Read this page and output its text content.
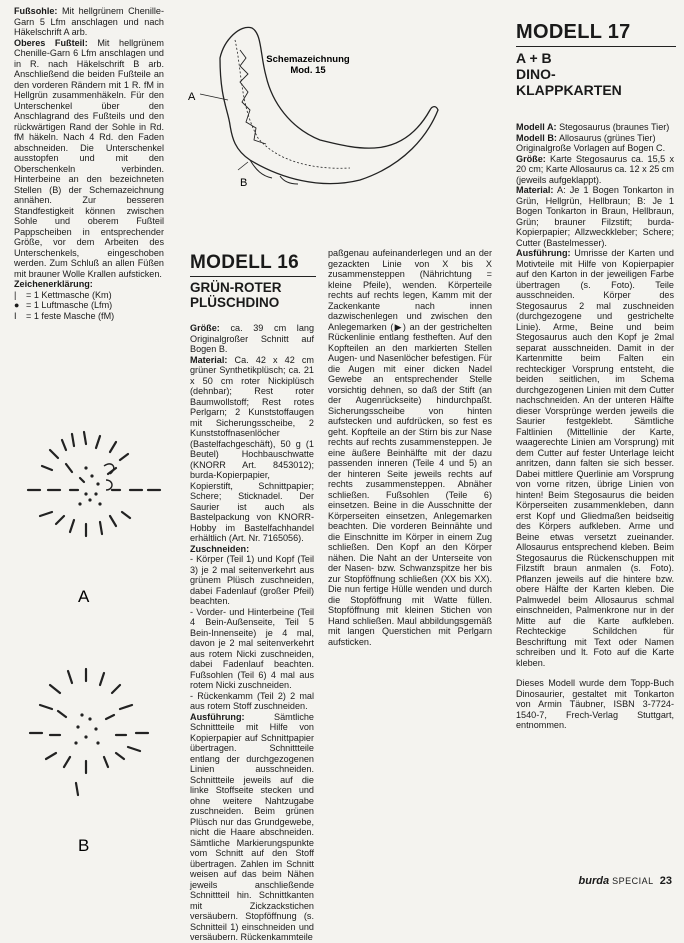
Fußsohle: Mit hellgrünem Chenille-Garn 5 Lfm anschlagen und nach Häkelschrift A arb.

Oberes Fußteil: Mit hellgrünem Chenille-Garn 6 Lfm anschlagen und in R. nach Häkelschrift B arb. Anschließend die beiden Fußteile an den vorderen Rändern mit 1 R. fM in Hellgrün zusammenhäkeln. Für den Unterschenkel über den Anschlagrand des Fußteils und den rückwärtigen Rand der Sohle in Rd. fM häkeln. Nach 4 Rd. den Faden abschneiden. Die Unterschenkel ausstopfen und mit den Oberschenkeln verbinden. Hinterbeine an den bezeichneten Stellen (B) der Schemazeichnung annähen. Zur besseren Standfestigkeit können zwischen Sohle und oberem Fußteil Pappscheiben in entsprechender Größe, vor dem Arbeiten des Unterschenkels, eingeschoben werden. Zum Schluß an allen Füßen mit brauner Wolle Krallen aufsticken.

Zeichenerklärung:

| = 1 Kettmasche (Km)
● = 1 Luftmasche (Lfm)
I = 1 feste Masche (fM)
Schemazeichnung
Mod. 15
A
B
A
B
MODELL 16
GRÜN-ROTER
PLÜSCHDINO

Größe: ca. 39 cm lang Originalgroßer Schnitt auf Bogen B.

Material: Ca. 42 x 42 cm grüner Synthetikplüsch; ca. 21 x 50 cm roter Nickiplüsch (dehnbar); Rest roter Baumwollstoff; Rest rotes Perlgarn; 2 Kunststoffaugen mit Sicherungsscheibe, 2 Kunststoffnasenlöcher (Bastelfachgeschäft), 50 g (1 Beutel) Hochbauschwatte (KNORR Art. 8453012); burda-Kopierpapier, Kopierstift, Schnittpapier; Schere; Sticknadel. Der Saurier ist auch als Bastelpackung von KNORR-Hobby im Bastelfachhandel erhältlich (Art. Nr. 7165056).

Zuschneiden:

- Körper (Teil 1) und Kopf (Teil 3) je 2 mal seitenverkehrt aus grünem Plüsch zuschneiden, dabei Fadenlauf (großer Pfeil) beachten.

- Vorder- und Hinterbeine (Teil 4 Bein-Außenseite, Teil 5 Bein-Innenseite) je 4 mal, davon je 2 mal seitenverkehrt aus rotem Nicki zuschneiden, dabei Fadenlauf beachten. Fußsohlen (Teil 6) 4 mal aus rotem Nicki zuschneiden.

- Rückenkamm (Teil 2) 2 mal aus rotem Stoff zuschneiden.

Ausführung: Sämtliche Schnittteile mit Hilfe von Kopierpapier auf Schnittpapier übertragen. Schnittteile entlang der durchgezogenen Linien ausschneiden. Schnittteile jeweils auf die linke Stoffseite stecken und ohne weitere Nahtzugabe zuschneiden. Beim grünen Plüsch nur das Grundgewebe, nicht die Haare abschneiden. Sämtliche Markierungspunkte vom Schnitt auf den Stoff übertragen. Zahlen im Schnitt weisen auf das beim Nähen jeweils anschließende Schnittteil hin. Schnittkanten mit Zickzackstichen versäubern. Stopföffnung (s. Schnitteil 1) einschneiden und versäubern. Rückenkammteile

paßgenau aufeinanderlegen und an der gezackten Linie von X bis X zusammensteppen (Nährichtung = kleine Pfeile), wenden. Körperteile rechts auf rechts legen, Kamm mit der Zackenkante nach innen dazwischenlegen und zwischen den Anlegemarken (▶) an der gestrichelten Rückenlinie entlang festheften. Auf den Kopfteilen an den markierten Stellen Augen- und Nasenlöcher befestigen. Für die Augen mit einer dicken Nadel Gewebe an entsprechender Stelle vorsichtig dehnen, so daß der Stift (an der Augenrückseite) hindurchpaßt. Sicherungsscheibe von hinten aufstecken und aufdrücken, so fest es geht. Kopfteile an der Stirn bis zur Nase rechts auf rechts zusammensteppen. Je eine äußere Beinhälfte mit der dazu passenden inneren (Teile 4 und 5) an der hinteren Seite jeweils rechts auf rechts zusammensteppen. Abnäher schließen. Fußsohlen (Teile 6) einsetzen. Beine in die Ausschnitte der Körperseiten einsetzen, Anlegemarken beachten. Die vorderen Beinnähte und die Einschnitte im Körper in einem Zug schließen. Den Kopf an den Körper nähen. Die Naht an der Unterseite von der Nasen- bzw. Schwanzspitze her bis zur Stopföffnung schließen (XX bis XX). Die nun fertige Hülle wenden und durch die Stopföffnung mit Watte füllen. Stopföffnung mit kleinen Stichen von Hand schließen. Maul abbildungsgemäß mit langen Querstichen mit Perlgarn aufsticken.

MODELL 17
A + B
DINO-
KLAPPKARTEN

Modell A: Stegosaurus (braunes Tier)

Modell B: Allosaurus (grünes Tier)

Originalgroße Vorlagen auf Bogen C.

Größe: Karte Stegosaurus ca. 15,5 x 20 cm; Karte Allosaurus ca. 12 x 25 cm (jeweils aufgeklappt).

Material: A: Je 1 Bogen Tonkarton in Grün, Hellgrün, Hellbraun; B: Je 1 Bogen Tonkarton in Braun, Hellbraun, Grün; brauner Filzstift; burda-Kopierpapier; Allzweckkleber; Schere; Cutter (Bastelmesser).

Ausführung: Umrisse der Karten und Motivteile mit Hilfe von Kopierpapier auf den Karton in der jeweiligen Farbe übertragen (s. Foto). Teile ausschneiden. Körper des Stegosaurus 2 mal zuschneiden (durchgezogene und gestrichelte Linie). Arme, Beine und beim Stegosaurus auch den Kopf je 2mal separat ausschneiden. Damit in der Kartenmitte beim Falten ein rechteckiger Vorsprung entsteht, die beiden seitlichen, im Schema durchgezogenen Linien mit dem Cutter nachschneiden. An der unteren Hälfte dieser Vorsprünge werden jeweils die Saurier festgeklebt. Sämtliche Faltlinien (Mittellinie der Karte, waagerechte Linien am Vorsprung) mit dem Cutter auf fester Unterlage leicht anritzen, dann falten sie sich besser. Dabei mittlere Querlinie am Vorsprung von vorne ritzen, übrige Linien von hinten! Beim Stegosaurus die beiden Körperseiten zusammenkleben, dann erst Kopf und Gliedmaßen beidseitig des Körpers aufkleben. Arme und Beine etwas versetzt zueinander. Allosaurus entsprechend kleben. Beim Stegosaurus die Rückenschuppen mit Filzstift braun anmalen (s. Foto). Pflanzen jeweils auf die hintere bzw. obere Hälfte der Karten kleben. Die Palmwedel beim Allosaurus schmal einschneiden, Palmenkrone nur in der Mitte auf die Karte aufkleben. Rechteckige Schildchen für Beschriftung mit Text oder Namen schreiben und lt. Foto auf die Karte kleben.

Dieses Modell wurde dem Topp-Buch Dinosaurier, gestaltet mit Tonkarton von Armin Täubner, ISBN 3-7724-1540-7, Frech-Verlag Stuttgart, entnommen.

burda SPECIAL 23
